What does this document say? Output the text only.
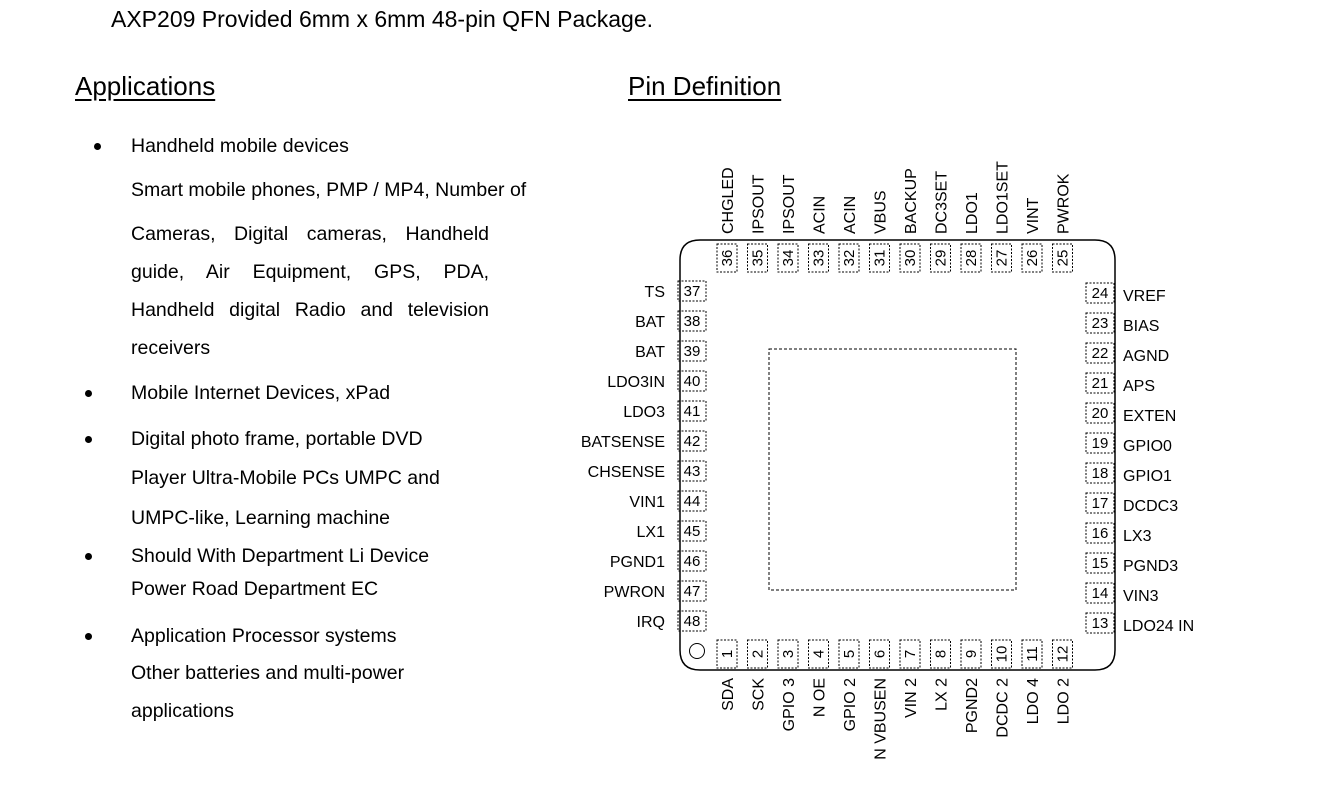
AXP209 Provided 6mm x 6mm 48-pin QFN Package.
Applications	Pin Definition
Handheld mobile devices
Smart mobile phones, PMP / MP4, Number of
Cameras, Digital cameras, Handheld
guide, Air Equipment, GPS, PDA,
Handheld digital Radio and television
receivers
Mobile Internet Devices, xPad
Digital photo frame, portable DVD
Player Ultra-Mobile PCs UMPC and
UMPC-like, Learning machine
Should With Department Li Device
Power Road Department EC
Application Processor systems
Other batteries and multi-power
applications
37
TS
38
BAT
39
BAT
40
LDO3IN
41
LDO3
42
BATSENSE
43
CHSENSE
44
VIN1
45
LX1
46
PGND1
47
PWRON
48
IRQ
24 VREF
23 BIAS
22 AGND
21 APS
20 EXTEN
19 GPIO0
18 GPIO1
17 DCDC3
16 LX3
15 PGND3
14 VIN3
13 LDO24 IN
36
CHGLED
35
IPSOUT
34
IPSOUT
33
ACIN
32
ACIN
31
VBUS
30
BACKUP
29
DC3SET
28
LDO1
27
LDO1SET
26
VINT
25
PWROK
1
SDA
2
SCK
3
GPIO 3
4
N OE
5
GPIO 2
6
N VBUSEN
7
VIN 2
8
LX 2
9
PGND2
10
DCDC 2
11
LDO 4
12
LDO 2
